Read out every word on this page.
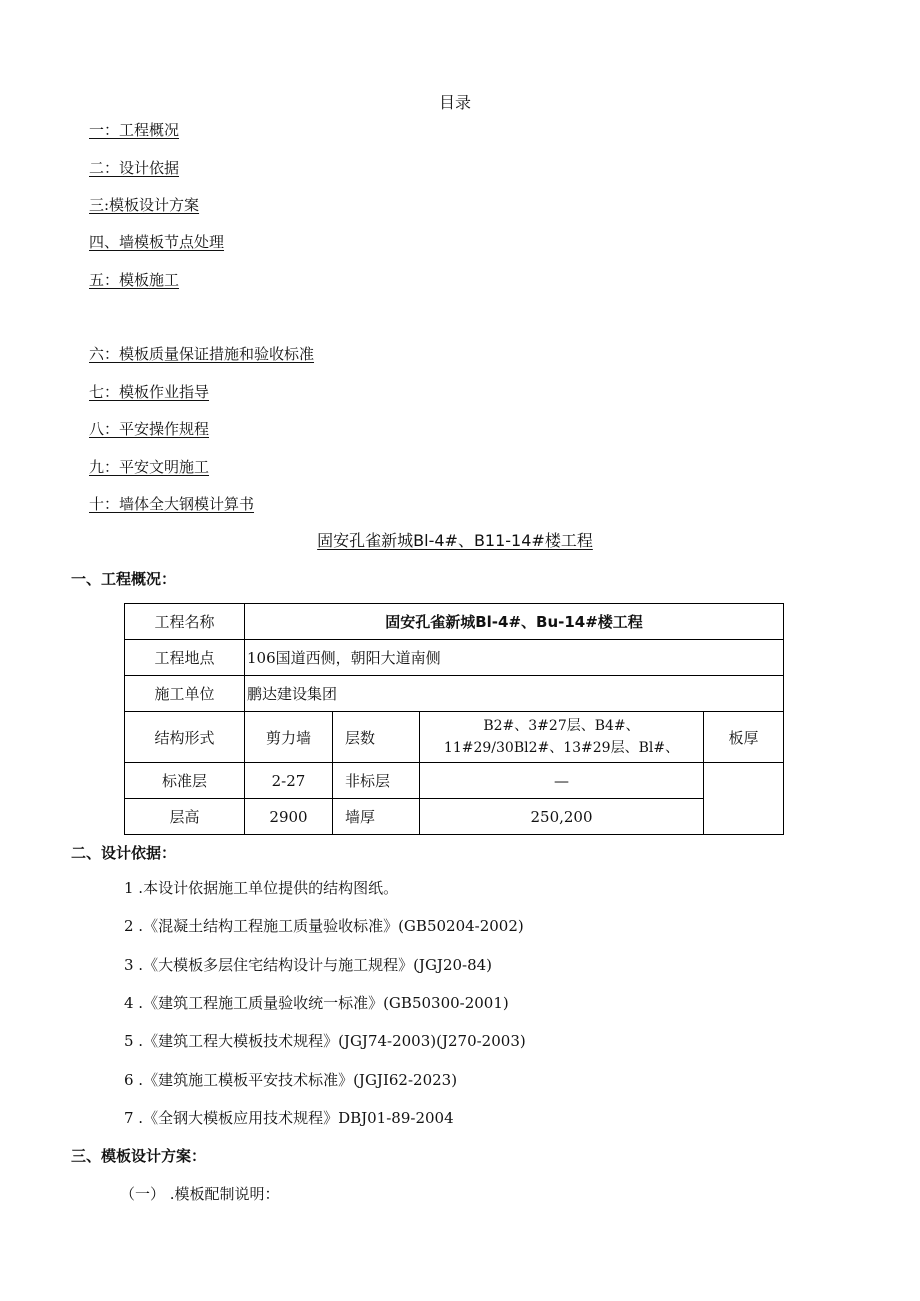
目录
一：工程概况
二：设计依据
三:模板设计方案
四、墙模板节点处理
五：模板施工
六：模板质量保证措施和验收标准
七：模板作业指导
八：平安操作规程
九：平安文明施工
十：墙体全大钢模计算书
固安孔雀新城Bl-4#、B11-14#楼工程
一、工程概况：
工程名称	固安孔雀新城Bl-4#、Bu-14#楼工程			
工程地点	106国道西侧，朝阳大道南侧			
施工单位	鹏达建设集团			
结构形式	剪力墙	层数	B2#、3#27层、B4#、
11#29/30Bl2#、13#29层、Bl#、	板厚
标准层	2-27	非标层	—	
层高	2900	墙厚	250,200	
二、设计依据：
1 .本设计依据施工单位提供的结构图纸。
2 .《混凝土结构工程施工质量验收标准》(GB50204-2002)
3 .《大模板多层住宅结构设计与施工规程》(JGJ20-84)
4 .《建筑工程施工质量验收统一标准》(GB50300-2001)
5 .《建筑工程大模板技术规程》(JGJ74-2003)(J270-2003)
6 .《建筑施工模板平安技术标准》(JGJI62-2023)
7 .《全钢大模板应用技术规程》DBJ01-89-2004
三、模板设计方案：
（一） .模板配制说明：
